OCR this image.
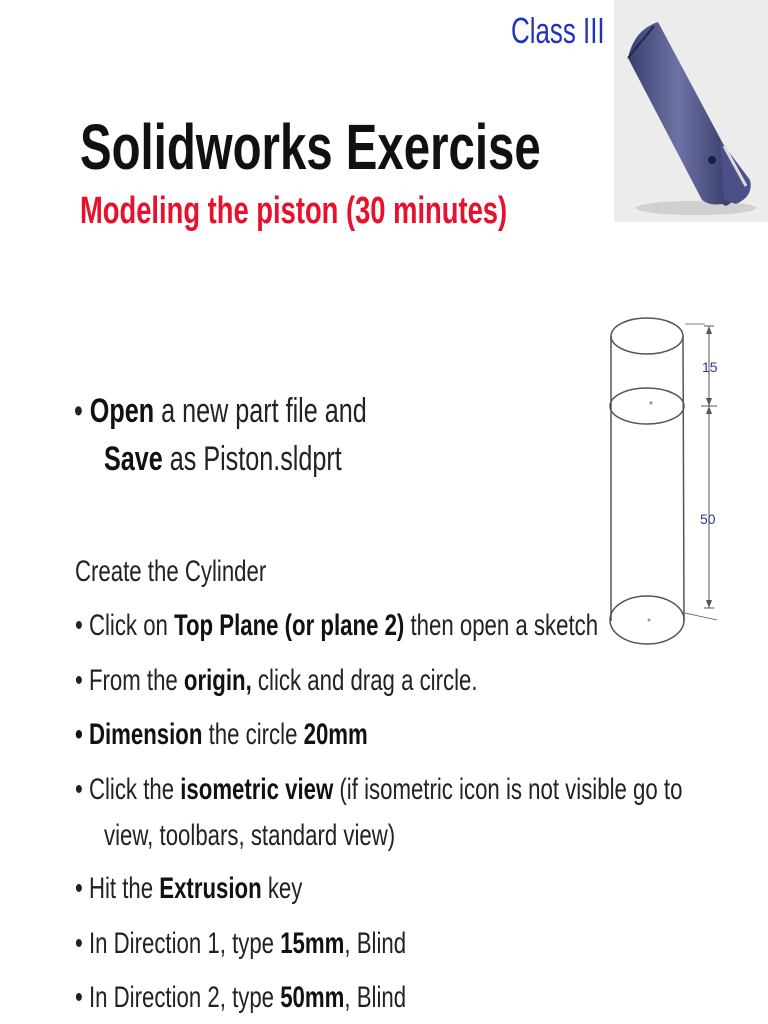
Class III
Solidworks Exercise
Modeling the piston (30 minutes)
15
50
*
• Open a new part file and
Save as Piston.sldprt
Create the Cylinder
• Click on Top Plane (or plane 2) then open a sketch
• From the origin, click and drag a circle.
• Dimension the circle 20mm
• Click the isometric view (if isometric icon is not visible go to
view, toolbars, standard view)
• Hit the Extrusion key
• In Direction 1, type 15mm, Blind
• In Direction 2, type 50mm, Blind
